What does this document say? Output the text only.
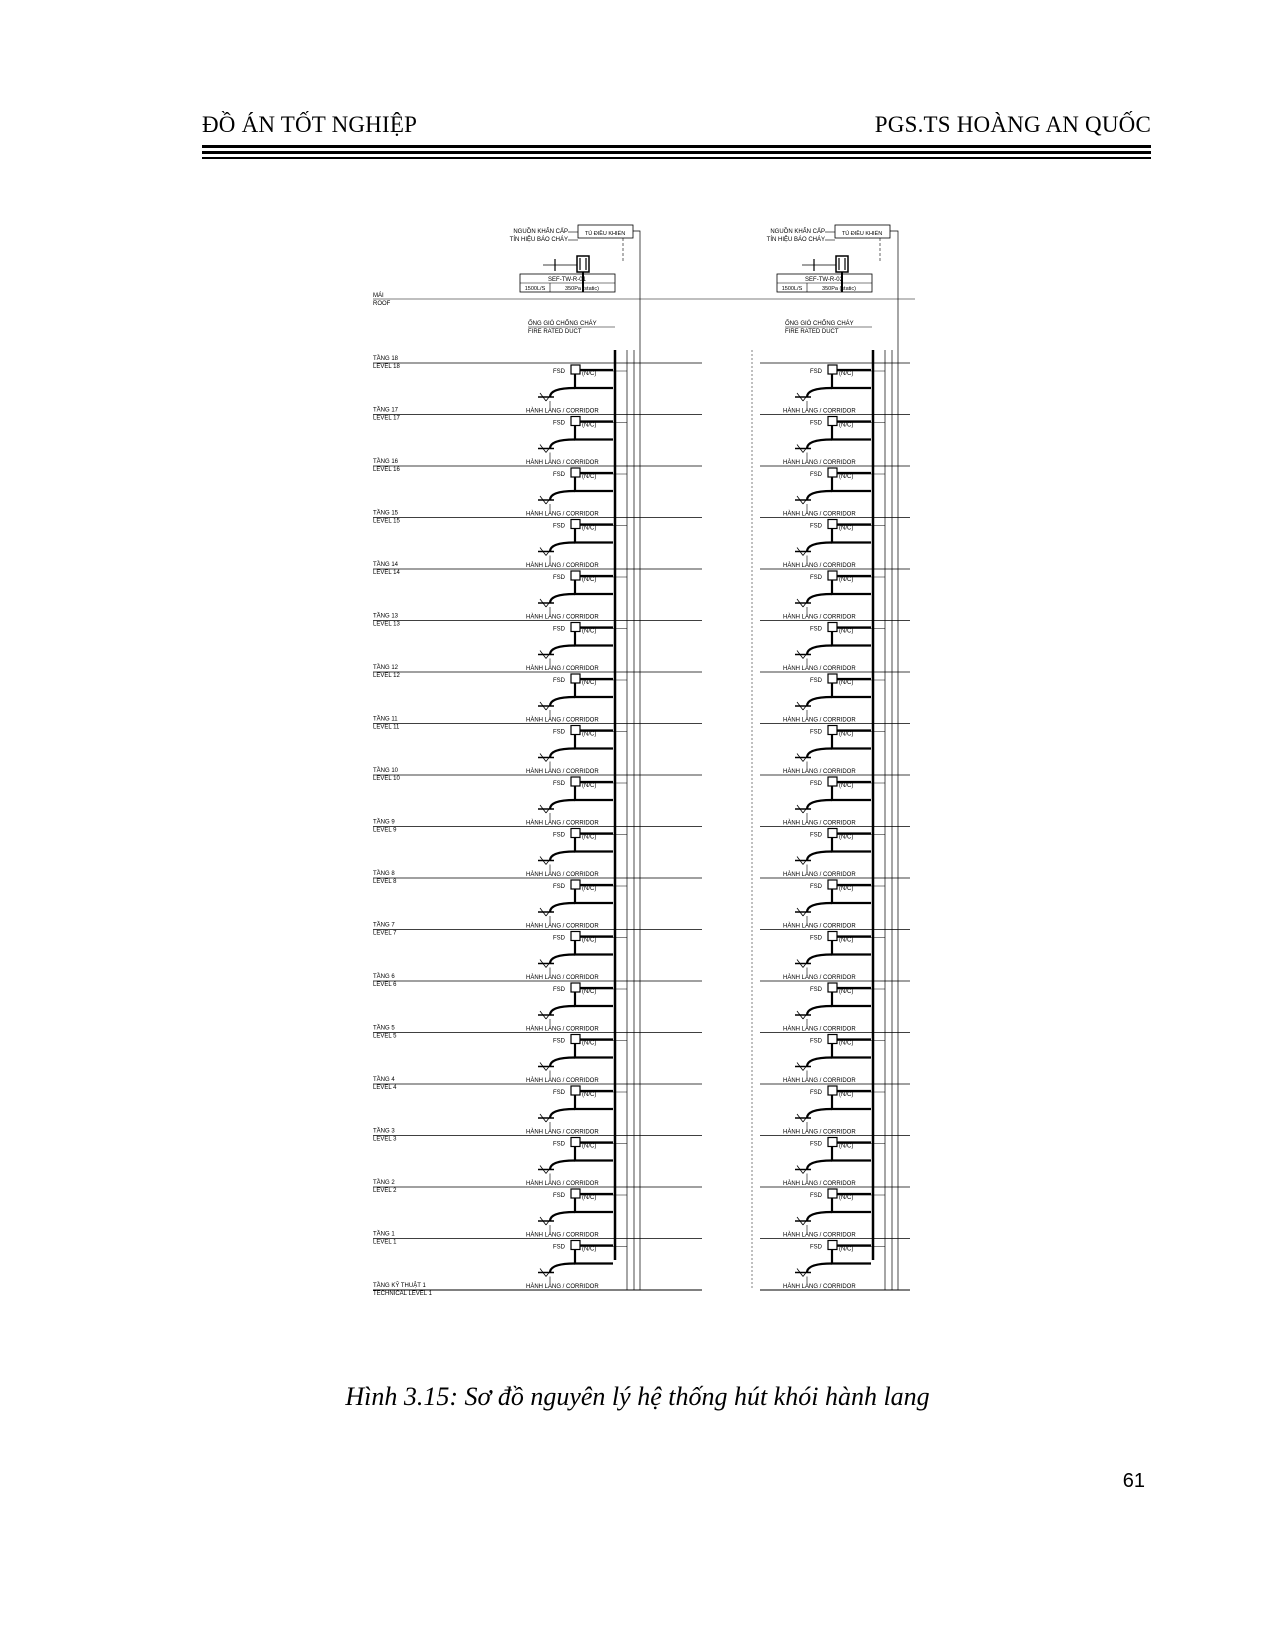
ĐỒ ÁN TỐT NGHIỆP	PGS.TS HOÀNG AN QUỐC
NGUỒN KHẨN CẤP
TÍN HIỆU BÁO CHÁY
TỦ ĐIỀU KHIỂN
SEF-TW-R-01
1500L/S	350Pa (static)
ỐNG GIÓ CHỐNG CHÁY
FIRE RATED DUCT
NGUỒN KHẨN CẤP
TÍN HIỆU BÁO CHÁY
TỦ ĐIỀU KHIỂN
SEF-TW-R-02
1500L/S	350Pa (static)
ỐNG GIÓ CHỐNG CHÁY
FIRE RATED DUCT
MÁI
ROOF
TẦNG 18
LEVEL 18
FSD	(N/C)	FSD	(N/C)
TẦNG 17
LEVEL 17
HÀNH LANG / CORRIDOR	HÀNH LANG / CORRIDOR
FSD	(N/C)	FSD	(N/C)
TẦNG 16
LEVEL 16
HÀNH LANG / CORRIDOR	HÀNH LANG / CORRIDOR
FSD	(N/C)	FSD	(N/C)
TẦNG 15
LEVEL 15
HÀNH LANG / CORRIDOR	HÀNH LANG / CORRIDOR
FSD	(N/C)	FSD	(N/C)
TẦNG 14
LEVEL 14
HÀNH LANG / CORRIDOR	HÀNH LANG / CORRIDOR
FSD	(N/C)	FSD	(N/C)
TẦNG 13
LEVEL 13
HÀNH LANG / CORRIDOR	HÀNH LANG / CORRIDOR
FSD	(N/C)	FSD	(N/C)
TẦNG 12
LEVEL 12
HÀNH LANG / CORRIDOR	HÀNH LANG / CORRIDOR
FSD	(N/C)	FSD	(N/C)
TẦNG 11
LEVEL 11
HÀNH LANG / CORRIDOR	HÀNH LANG / CORRIDOR
FSD	(N/C)	FSD	(N/C)
TẦNG 10
LEVEL 10
HÀNH LANG / CORRIDOR	HÀNH LANG / CORRIDOR
FSD	(N/C)	FSD	(N/C)
TẦNG 9
LEVEL 9
HÀNH LANG / CORRIDOR	HÀNH LANG / CORRIDOR
FSD	(N/C)	FSD	(N/C)
TẦNG 8
LEVEL 8
HÀNH LANG / CORRIDOR	HÀNH LANG / CORRIDOR
FSD	(N/C)	FSD	(N/C)
TẦNG 7
LEVEL 7
HÀNH LANG / CORRIDOR	HÀNH LANG / CORRIDOR
FSD	(N/C)	FSD	(N/C)
TẦNG 6
LEVEL 6
HÀNH LANG / CORRIDOR	HÀNH LANG / CORRIDOR
FSD	(N/C)	FSD	(N/C)
TẦNG 5
LEVEL 5
HÀNH LANG / CORRIDOR	HÀNH LANG / CORRIDOR
FSD	(N/C)	FSD	(N/C)
TẦNG 4
LEVEL 4
HÀNH LANG / CORRIDOR	HÀNH LANG / CORRIDOR
FSD	(N/C)	FSD	(N/C)
TẦNG 3
LEVEL 3
HÀNH LANG / CORRIDOR	HÀNH LANG / CORRIDOR
FSD	(N/C)	FSD	(N/C)
TẦNG 2
LEVEL 2
HÀNH LANG / CORRIDOR	HÀNH LANG / CORRIDOR
FSD	(N/C)	FSD	(N/C)
TẦNG 1
LEVEL 1
HÀNH LANG / CORRIDOR	HÀNH LANG / CORRIDOR
FSD	(N/C)	FSD	(N/C)
TẦNG KỸ THUẬT 1
TECHNICAL LEVEL 1
HÀNH LANG / CORRIDOR	HÀNH LANG / CORRIDOR
Hình 3.15: Sơ đồ nguyên lý hệ thống hút khói hành lang
61
